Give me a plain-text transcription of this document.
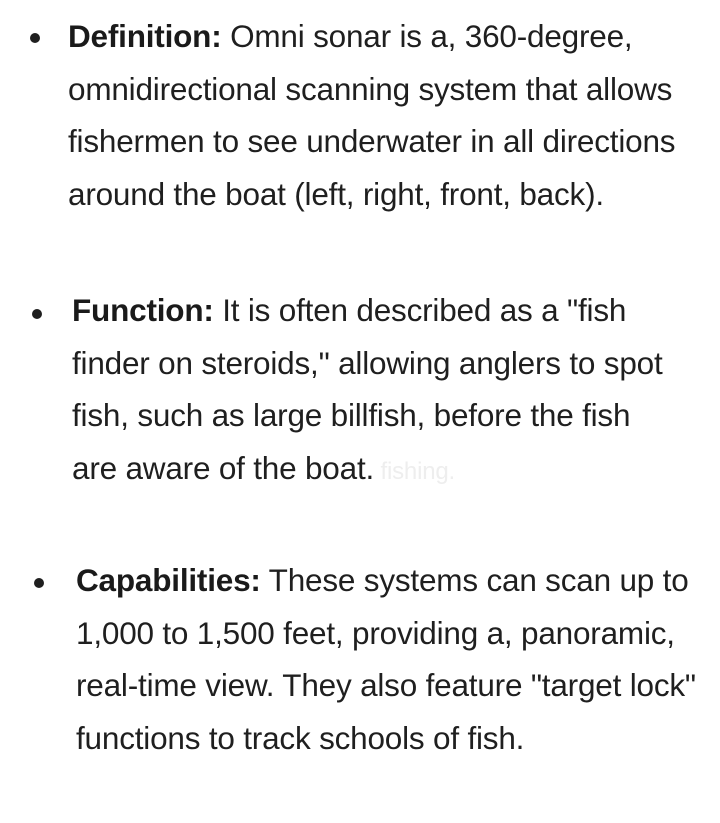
Definition: Omni sonar is a, 360-degree, omnidirectional scanning system that allows fishermen to see underwater in all directions around the boat (left, right, front, back).
Function: It is often described as a "fish finder on steroids," allowing anglers to spot fish, such as large billfish, before the fish are aware of the boat. fishing.
Capabilities: These systems can scan up to 1,000 to 1,500 feet, providing a, panoramic, real-time view. They also feature "target lock" functions to track schools of fish.
